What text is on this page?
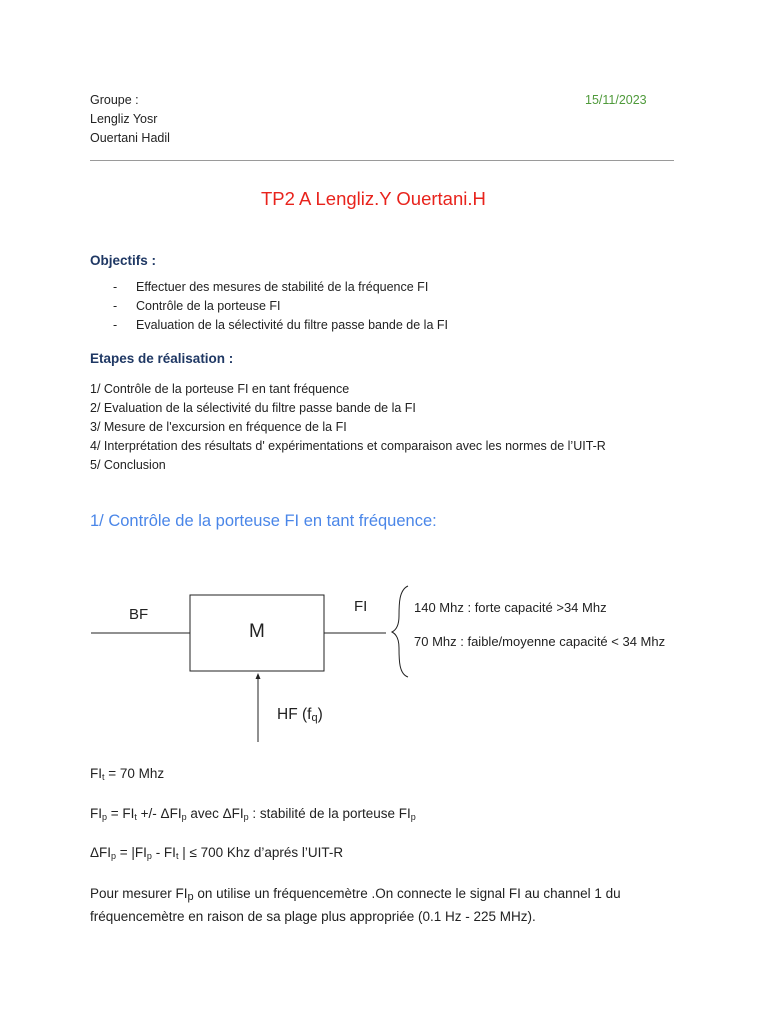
Groupe :
Lengliz Yosr
Ouertani Hadil
15/11/2023
TP2 A Lengliz.Y Ouertani.H
Objectifs :
- Effectuer des mesures de stabilité de la fréquence FI
- Contrôle de la porteuse FI
- Evaluation de la sélectivité du filtre passe bande de la FI
Etapes de réalisation :
1/ Contrôle de la porteuse FI en tant fréquence
2/ Evaluation de la sélectivité du filtre passe bande de la FI
3/ Mesure de l'excursion en fréquence de la FI
4/ Interprétation des résultats d' expérimentations et comparaison avec les normes de l’UIT-R
5/ Conclusion
1/ Contrôle de la porteuse FI en tant fréquence:
BF
M
FI
HF (fq)
140 Mhz : forte capacité >34 Mhz
70 Mhz : faible/moyenne capacité < 34 Mhz
$FI_t = 70$ Mhz
$FI_p = FI_t$ +/- $\Delta FI_p$ avec $\Delta FI_p$ : stabilité de la porteuse $FI_p$
$\Delta FI_p = |FI_p - FI_t$ | ≤ 700 Khz d’aprés l’UIT-R
Pour mesurer $FI_p$ on utilise un fréquencemètre .On connecte le signal FI au channel 1 du fréquencemètre en raison de sa plage plus appropriée (0.1 Hz - 225 MHz).
